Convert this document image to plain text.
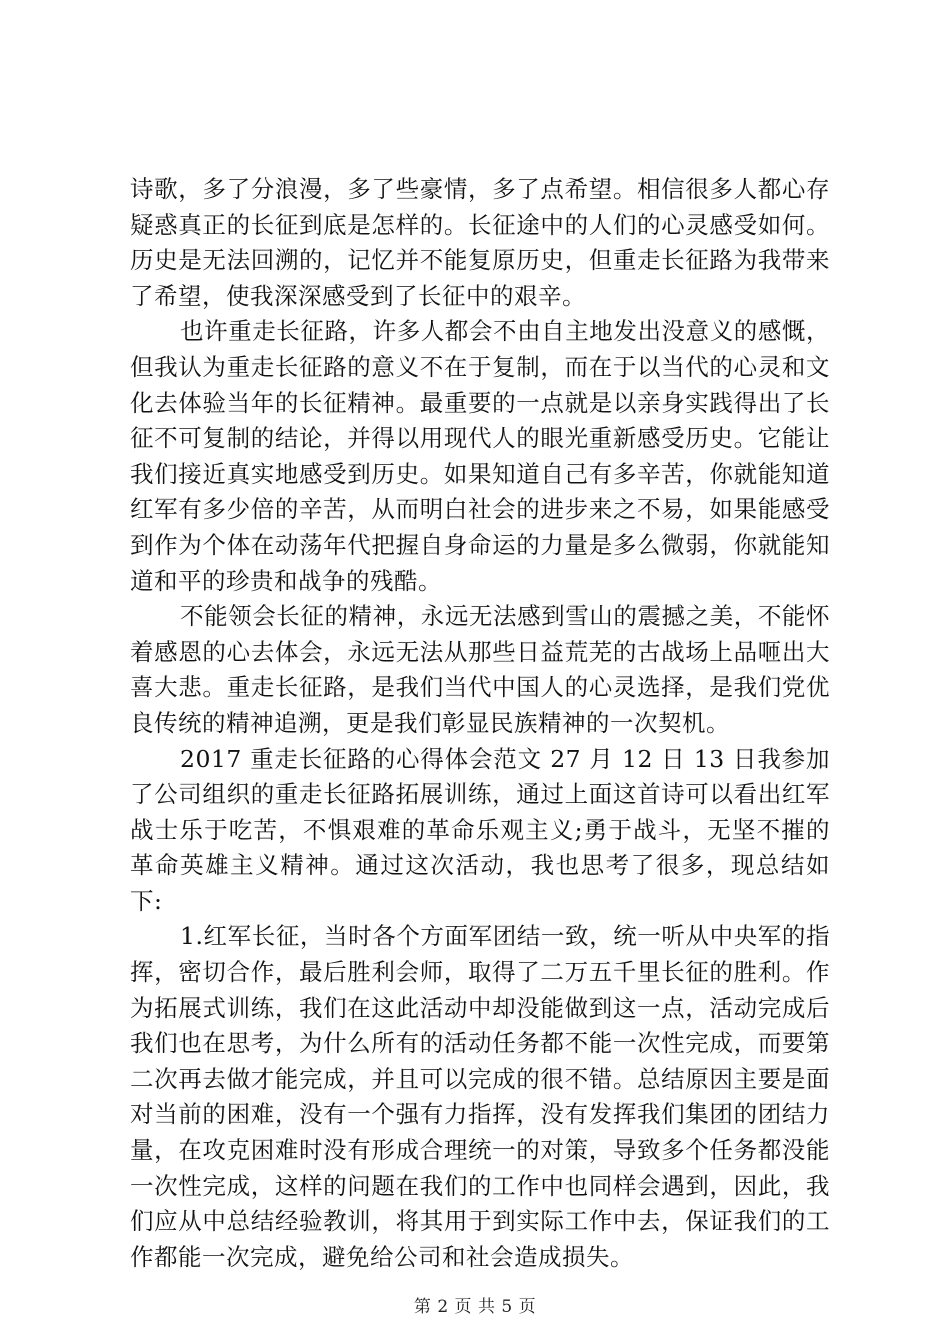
诗歌，多了分浪漫，多了些豪情，多了点希望。相信很多人都心存疑惑真正的长征到底是怎样的。长征途中的人们的心灵感受如何。历史是无法回溯的，记忆并不能复原历史，但重走长征路为我带来了希望，使我深深感受到了长征中的艰辛。

也许重走长征路，许多人都会不由自主地发出没意义的感慨，但我认为重走长征路的意义不在于复制，而在于以当代的心灵和文化去体验当年的长征精神。最重要的一点就是以亲身实践得出了长征不可复制的结论，并得以用现代人的眼光重新感受历史。它能让我们接近真实地感受到历史。如果知道自己有多辛苦，你就能知道红军有多少倍的辛苦，从而明白社会的进步来之不易，如果能感受到作为个体在动荡年代把握自身命运的力量是多么微弱，你就能知道和平的珍贵和战争的残酷。

不能领会长征的精神，永远无法感到雪山的震撼之美，不能怀着感恩的心去体会，永远无法从那些日益荒芜的古战场上品咂出大喜大悲。重走长征路，是我们当代中国人的心灵选择，是我们党优良传统的精神追溯，更是我们彰显民族精神的一次契机。

2017 重走长征路的心得体会范文 27 月 12 日 13 日我参加了公司组织的重走长征路拓展训练，通过上面这首诗可以看出红军战士乐于吃苦，不惧艰难的革命乐观主义;勇于战斗，无坚不摧的革命英雄主义精神。通过这次活动，我也思考了很多，现总结如下:

1.红军长征，当时各个方面军团结一致，统一听从中央军的指挥，密切合作，最后胜利会师，取得了二万五千里长征的胜利。作为拓展式训练，我们在这此活动中却没能做到这一点，活动完成后我们也在思考，为什么所有的活动任务都不能一次性完成，而要第二次再去做才能完成，并且可以完成的很不错。总结原因主要是面对当前的困难，没有一个强有力指挥，没有发挥我们集团的团结力量，在攻克困难时没有形成合理统一的对策，导致多个任务都没能一次性完成，这样的问题在我们的工作中也同样会遇到，因此，我们应从中总结经验教训，将其用于到实际工作中去，保证我们的工作都能一次完成，避免给公司和社会造成损失。

第 2 页 共 5 页
